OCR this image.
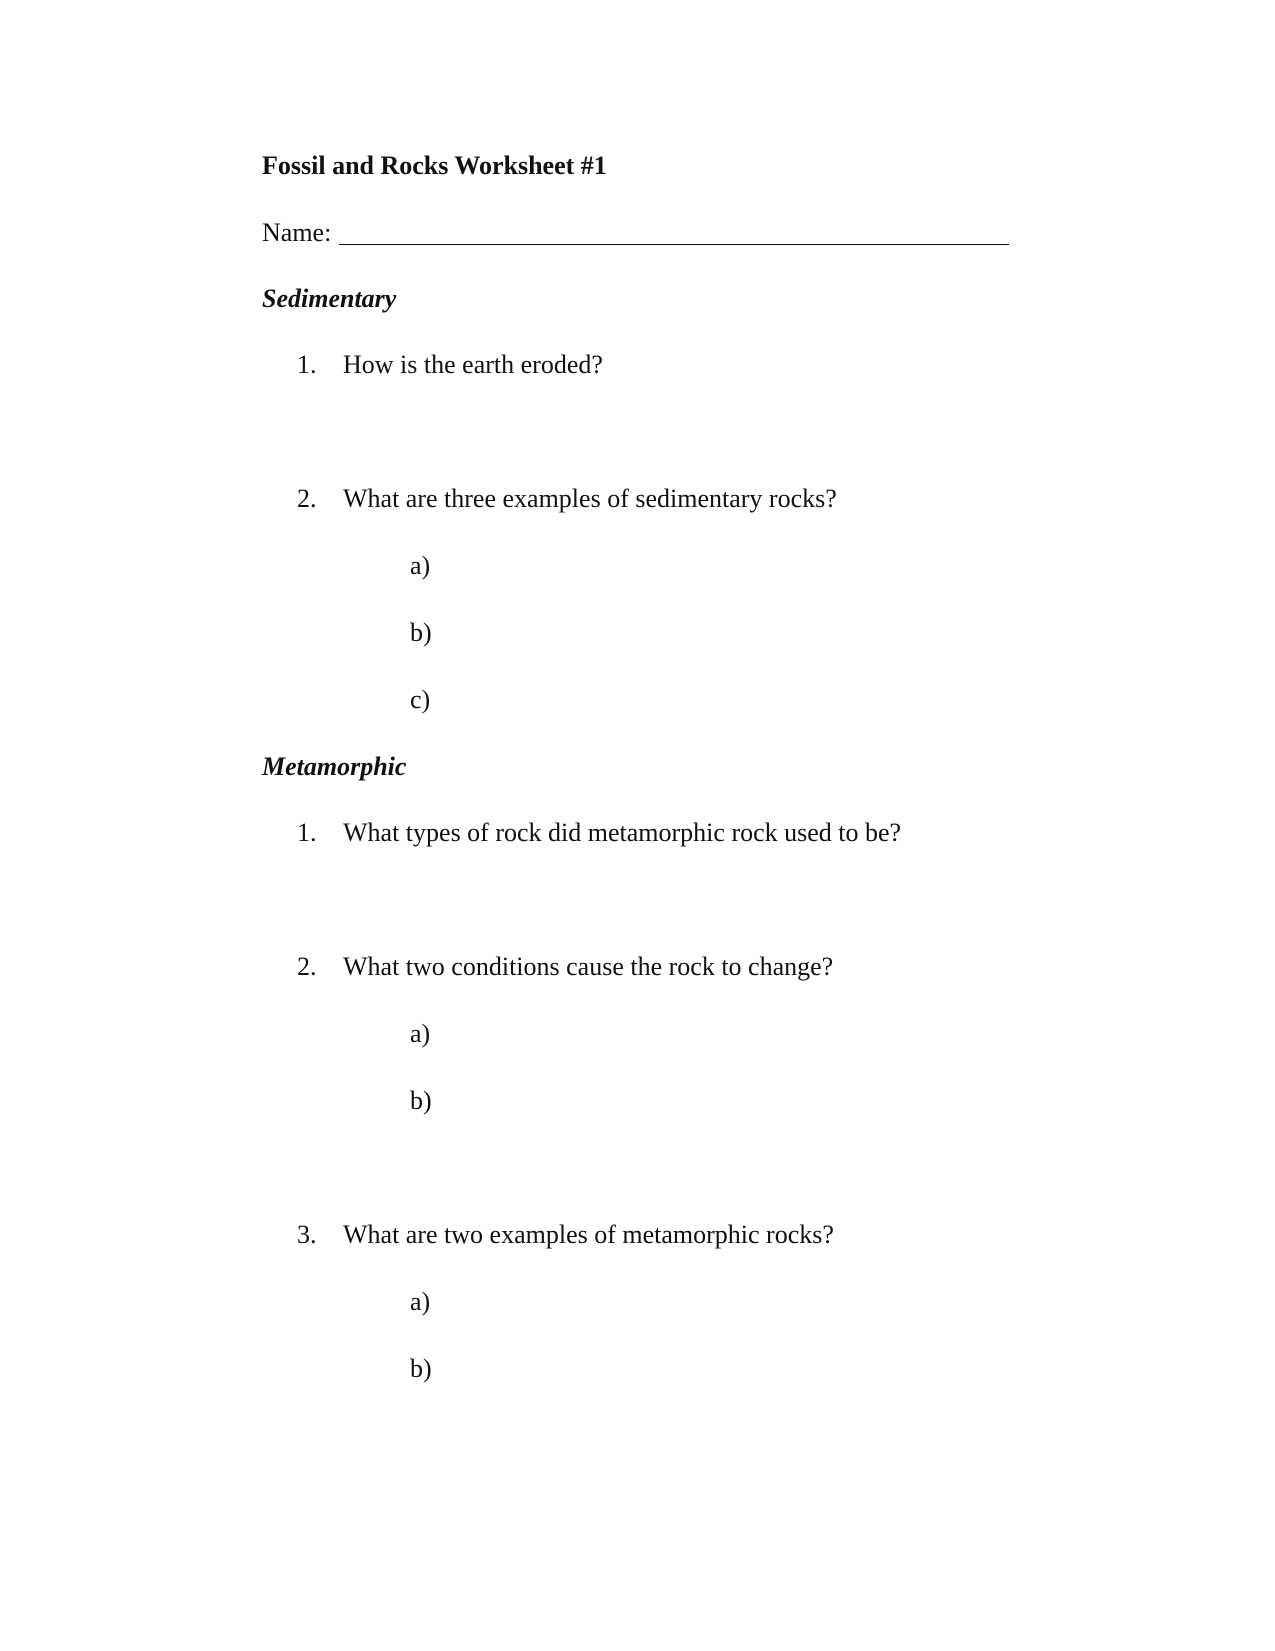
Fossil and Rocks Worksheet #1
Name:
Sedimentary
1. How is the earth eroded?
2. What are three examples of sedimentary rocks?
a)
b)
c)
Metamorphic
1. What types of rock did metamorphic rock used to be?
2. What two conditions cause the rock to change?
a)
b)
3. What are two examples of metamorphic rocks?
a)
b)
